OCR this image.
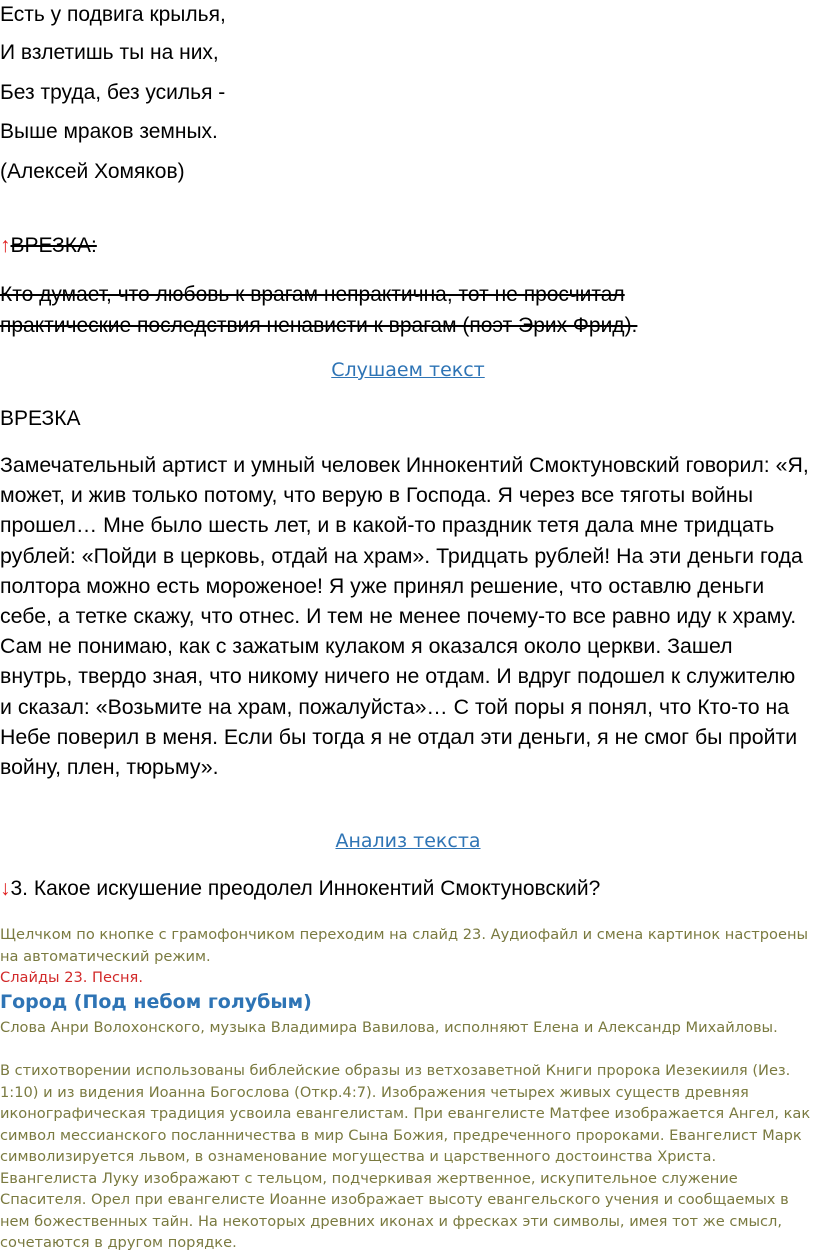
Есть у подвига крылья,
И взлетишь ты на них,
Без труда, без усилья -
Выше мраков земных.
(Алексей Хомяков)
↑ВРЕЗКА:
Кто думает, что любовь к врагам непрактична, тот не просчитал
практические последствия ненависти к врагам (поэт Эрих Фрид).
Слушаем текст
ВРЕЗКА
Замечательный артист и умный человек Иннокентий Смоктуновский говорил: «Я, может, и жив только потому, что верую в Господа. Я через все тяготы войны прошел… Мне было шесть лет, и в какой-то праздник тетя дала мне тридцать рублей: «Пойди в церковь, отдай на храм». Тридцать рублей! На эти деньги года полтора можно есть мороженое! Я уже принял решение, что оставлю деньги себе, а тетке скажу, что отнес. И тем не менее почему-то все равно иду к храму. Сам не понимаю, как с зажатым кулаком я оказался около церкви. Зашел внутрь, твердо зная, что никому ничего не отдам. И вдруг подошел к служителю и сказал: «Возьмите на храм, пожалуйста»… С той поры я понял, что Кто-то на Небе поверил в меня. Если бы тогда я не отдал эти деньги, я не смог бы пройти войну, плен, тюрьму».
Анализ текста
↓3. Какое искушение преодолел Иннокентий Смоктуновский?
Щелчком по кнопке с грамофончиком переходим на слайд 23. Аудиофайл и смена картинок настроены на автоматический режим.
Слайды 23. Песня.
Город (Под небом голубым)
Слова Анри Волохонского, музыка Владимира Вавилова, исполняют Елена и Александр Михайловы.
В стихотворении использованы библейские образы из ветхозаветной Книги пророка Иезекииля (Иез. 1:10) и из видения Иоанна Богослова (Откр.4:7). Изображения четырех живых существ древняя иконографическая традиция усвоила евангелистам. При евангелисте Матфее изображается Ангел, как символ мессианского посланничества в мир Сына Божия, предреченного пророками. Евангелист Марк символизируется львом, в ознаменование могущества и царственного достоинства Христа. Евангелиста Луку изображают с тельцом, подчеркивая жертвенное, искупительное служение Спасителя. Орел при евангелисте Иоанне изображает высоту евангельского учения и сообщаемых в нем божественных тайн. На некоторых древних иконах и фресках эти символы, имея тот же смысл, сочетаются в другом порядке.
